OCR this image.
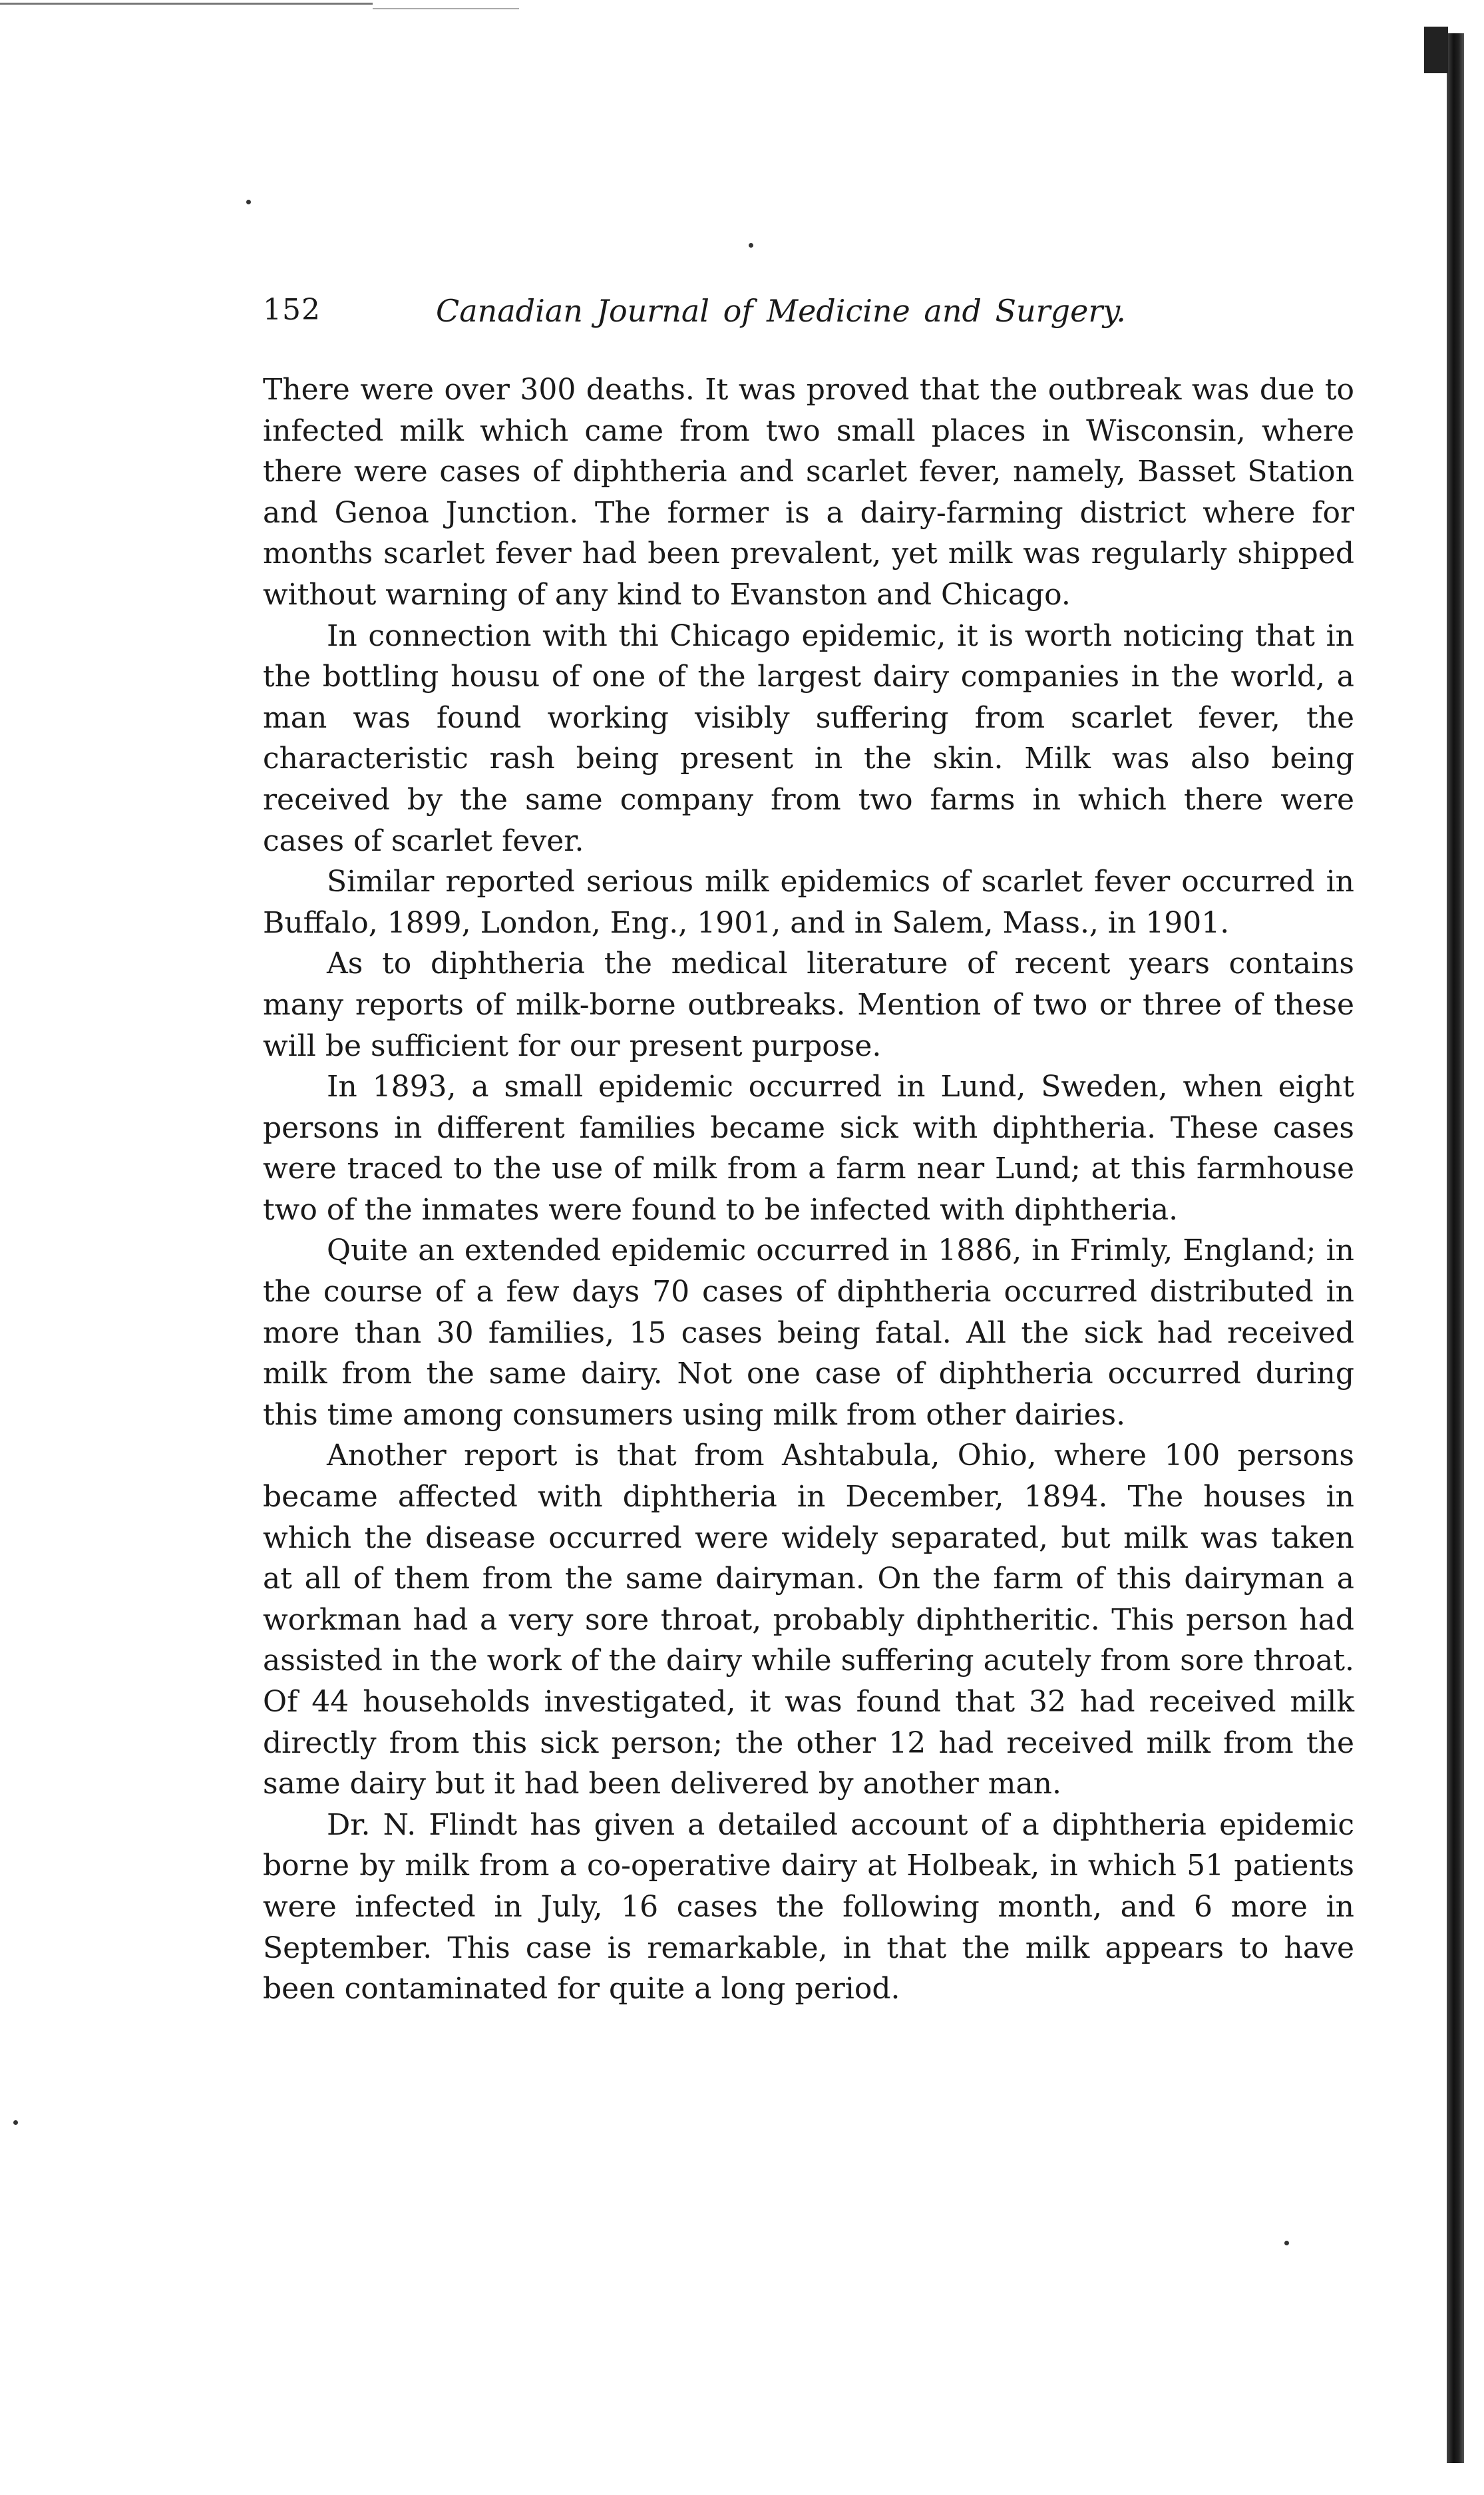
152	Canadian Journal of Medicine and Surgery.

There were over 300 deaths. It was proved that the outbreak was due to infected milk which came from two small places in Wisconsin, where there were cases of diphtheria and scarlet fever, namely, Basset Station and Genoa Junction. The former is a dairy-farming district where for months scarlet fever had been prevalent, yet milk was regularly shipped without warning of any kind to Evanston and Chicago.

In connection with thi Chicago epidemic, it is worth noticing that in the bottling housu of one of the largest dairy companies in the world, a man was found working visibly suffering from scarlet fever, the characteristic rash being present in the skin. Milk was also being received by the same company from two farms in which there were cases of scarlet fever.

Similar reported serious milk epidemics of scarlet fever occurred in Buffalo, 1899, London, Eng., 1901, and in Salem, Mass., in 1901.

As to diphtheria the medical literature of recent years contains many reports of milk-borne outbreaks. Mention of two or three of these will be sufficient for our present purpose.

In 1893, a small epidemic occurred in Lund, Sweden, when eight persons in different families became sick with diphtheria. These cases were traced to the use of milk from a farm near Lund; at this farmhouse two of the inmates were found to be infected with diphtheria.

Quite an extended epidemic occurred in 1886, in Frimly, England; in the course of a few days 70 cases of diphtheria occurred distributed in more than 30 families, 15 cases being fatal. All the sick had received milk from the same dairy. Not one case of diphtheria occurred during this time among consumers using milk from other dairies.

Another report is that from Ashtabula, Ohio, where 100 persons became affected with diphtheria in December, 1894. The houses in which the disease occurred were widely separated, but milk was taken at all of them from the same dairyman. On the farm of this dairyman a workman had a very sore throat, probably diphtheritic. This person had assisted in the work of the dairy while suffering acutely from sore throat. Of 44 households investigated, it was found that 32 had received milk directly from this sick person; the other 12 had received milk from the same dairy but it had been delivered by another man.

Dr. N. Flindt has given a detailed account of a diphtheria epidemic borne by milk from a co-operative dairy at Holbeak, in which 51 patients were infected in July, 16 cases the following month, and 6 more in September. This case is remarkable, in that the milk appears to have been contaminated for quite a long period.
